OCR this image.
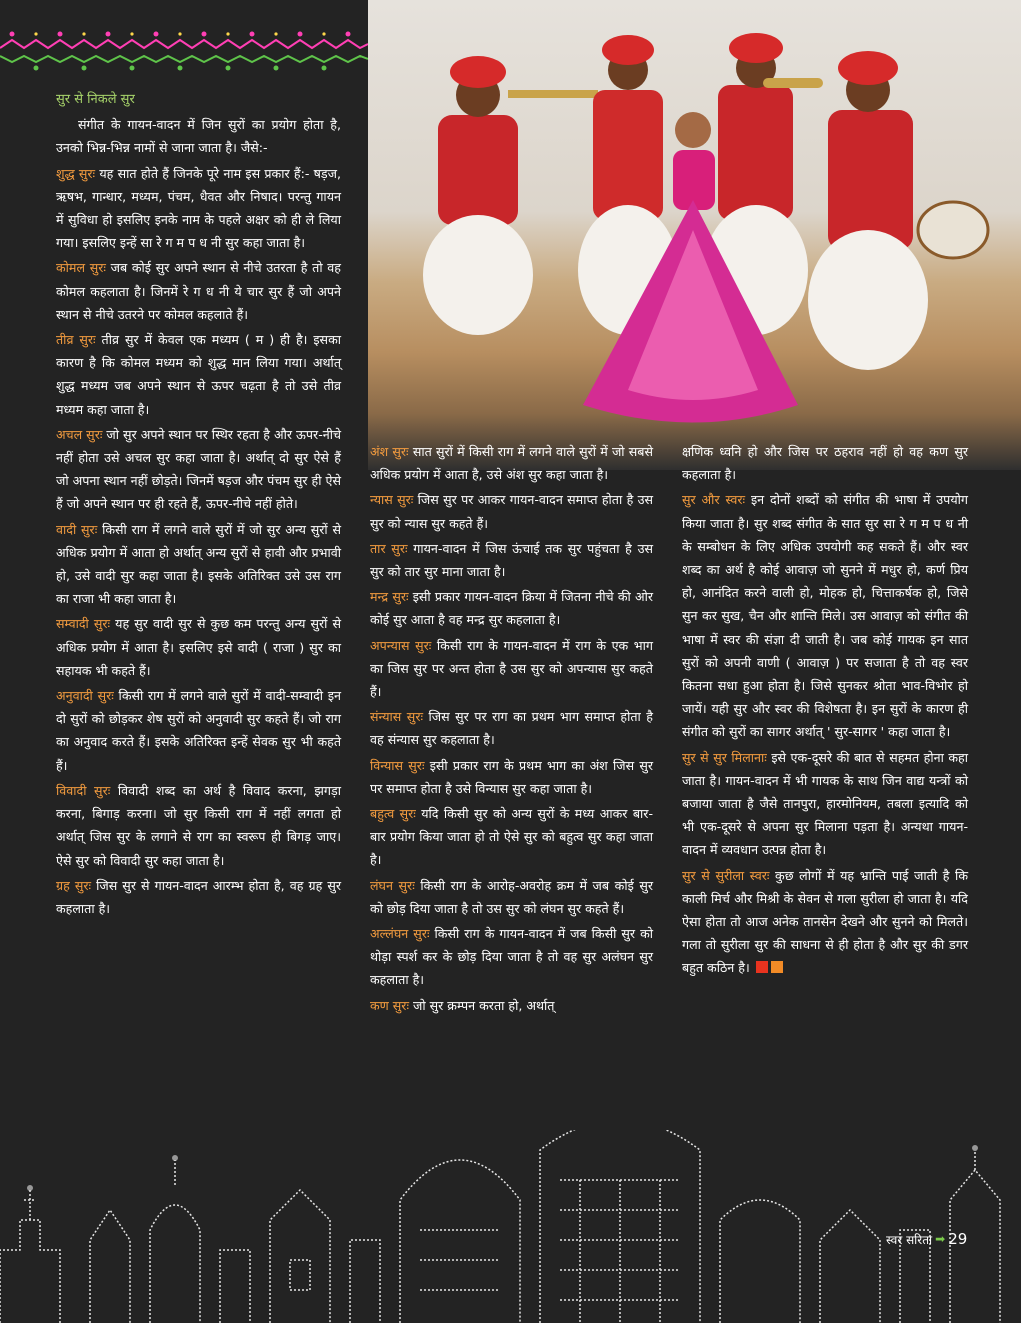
सुर से निकले सुर

संगीत के गायन-वादन में जिन सुरों का प्रयोग होता है, उनको भिन्न-भिन्न नामों से जाना जाता है। जैसे:-

शुद्ध सुरः यह सात होते हैं जिनके पूरे नाम इस प्रकार हैं:- षड़ज, ऋषभ, गान्धार, मध्यम, पंचम, धैवत और निषाद। परन्तु गायन में सुविधा हो इसलिए इनके नाम के पहले अक्षर को ही ले लिया गया। इसलिए इन्हें सा रे ग म प ध नी सुर कहा जाता है।

कोमल सुरः जब कोई सुर अपने स्थान से नीचे उतरता है तो वह कोमल कहलाता है। जिनमें रे ग ध नी ये चार सुर हैं जो अपने स्थान से नीचे उतरने पर कोमल कहलाते हैं।

तीव्र सुरः तीव्र सुर में केवल एक मध्यम ( म ) ही है। इसका कारण है कि कोमल मध्यम को शुद्ध मान लिया गया। अर्थात् शुद्ध मध्यम जब अपने स्थान से ऊपर चढ़ता है तो उसे तीव्र मध्यम कहा जाता है।

अचल सुरः जो सुर अपने स्थान पर स्थिर रहता है और ऊपर-नीचे नहीं होता उसे अचल सुर कहा जाता है। अर्थात् दो सुर ऐसे हैं जो अपना स्थान नहीं छोड़ते। जिनमें षड़ज और पंचम सुर ही ऐसे हैं जो अपने स्थान पर ही रहते हैं, ऊपर-नीचे नहीं होते।

वादी सुरः किसी राग में लगने वाले सुरों में जो सुर अन्य सुरों से अधिक प्रयोग में आता हो अर्थात् अन्य सुरों से हावी और प्रभावी हो, उसे वादी सुर कहा जाता है। इसके अतिरिक्त उसे उस राग का राजा भी कहा जाता है।

सम्वादी सुरः यह सुर वादी सुर से कुछ कम परन्तु अन्य सुरों से अधिक प्रयोग में आता है। इसलिए इसे वादी ( राजा ) सुर का सहायक भी कहते हैं।

अनुवादी सुरः किसी राग में लगने वाले सुरों में वादी-सम्वादी इन दो सुरों को छोड़कर शेष सुरों को अनुवादी सुर कहते हैं। जो राग का अनुवाद करते हैं। इसके अतिरिक्त इन्हें सेवक सुर भी कहते हैं।

विवादी सुरः विवादी शब्द का अर्थ है विवाद करना, झगड़ा करना, बिगाड़ करना। जो सुर किसी राग में नहीं लगता हो अर्थात् जिस सुर के लगाने से राग का स्वरूप ही बिगड़ जाए। ऐसे सुर को विवादी सुर कहा जाता है।

ग्रह सुरः जिस सुर से गायन-वादन आरम्भ होता है, वह ग्रह सुर कहलाता है।

अंश सुरः सात सुरों में किसी राग में लगने वाले सुरों में जो सबसे अधिक प्रयोग में आता है, उसे अंश सुर कहा जाता है।

न्यास सुरः जिस सुर पर आकर गायन-वादन समाप्त होता है उस सुर को न्यास सुर कहते हैं।

तार सुरः गायन-वादन में जिस ऊंचाई तक सुर पहुंचता है उस सुर को तार सुर माना जाता है।

मन्द्र सुरः इसी प्रकार गायन-वादन क्रिया में जितना नीचे की ओर कोई सुर आता है वह मन्द्र सुर कहलाता है।

अपन्यास सुरः किसी राग के गायन-वादन में राग के एक भाग का जिस सुर पर अन्त होता है उस सुर को अपन्यास सुर कहते हैं।

संन्यास सुरः जिस सुर पर राग का प्रथम भाग समाप्त होता है वह संन्यास सुर कहलाता है।

विन्यास सुरः इसी प्रकार राग के प्रथम भाग का अंश जिस सुर पर समाप्त होता है उसे विन्यास सुर कहा जाता है।

बहुत्व सुरः यदि किसी सुर को अन्य सुरों के मध्य आकर बार-बार प्रयोग किया जाता हो तो ऐसे सुर को बहुत्व सुर कहा जाता है।

लंघन सुरः किसी राग के आरोह-अवरोह क्रम में जब कोई सुर को छोड़ दिया जाता है तो उस सुर को लंघन सुर कहते हैं।

अल्लंघन सुरः किसी राग के गायन-वादन में जब किसी सुर को थोड़ा स्पर्श कर के छोड़ दिया जाता है तो वह सुर अलंघन सुर कहलाता है।

कण सुरः जो सुर क्रम्पन करता हो, अर्थात्

क्षणिक ध्वनि हो और जिस पर ठहराव नहीं हो वह कण सुर कहलाता है।

सुर और स्वरः इन दोनों शब्दों को संगीत की भाषा में उपयोग किया जाता है। सुर शब्द संगीत के सात सुर सा रे ग म प ध नी के सम्बोधन के लिए अधिक उपयोगी कह सकते हैं। और स्वर शब्द का अर्थ है कोई आवाज़ जो सुनने में मधुर हो, कर्ण प्रिय हो, आनंदित करने वाली हो, मोहक हो, चित्ताकर्षक हो, जिसे सुन कर सुख, चैन और शान्ति मिले। उस आवाज़ को संगीत की भाषा में स्वर की संज्ञा दी जाती है। जब कोई गायक इन सात सुरों को अपनी वाणी ( आवाज़ ) पर सजाता है तो वह स्वर कितना सधा हुआ होता है। जिसे सुनकर श्रोता भाव-विभोर हो जायें। यही सुर और स्वर की विशेषता है। इन सुरों के कारण ही संगीत को सुरों का सागर अर्थात् ' सुर-सागर ' कहा जाता है।

सुर से सुर मिलानाः इसे एक-दूसरे की बात से सहमत होना कहा जाता है। गायन-वादन में भी गायक के साथ जिन वाद्य यन्त्रों को बजाया जाता है जैसे तानपुरा, हारमोनियम, तबला इत्यादि को भी एक-दूसरे से अपना सुर मिलाना पड़ता है। अन्यथा गायन-वादन में व्यवधान उत्पन्न होता है।

सुर से सुरीला स्वरः कुछ लोगों में यह भ्रान्ति पाई जाती है कि काली मिर्च और मिश्री के सेवन से गला सुरीला हो जाता है। यदि ऐसा होता तो आज अनेक तानसेन देखने और सुनने को मिलते। गला तो सुरीला सुर की साधना से ही होता है और सुर की डगर बहुत कठिन है।

स्वर सरिता ➡ 29
